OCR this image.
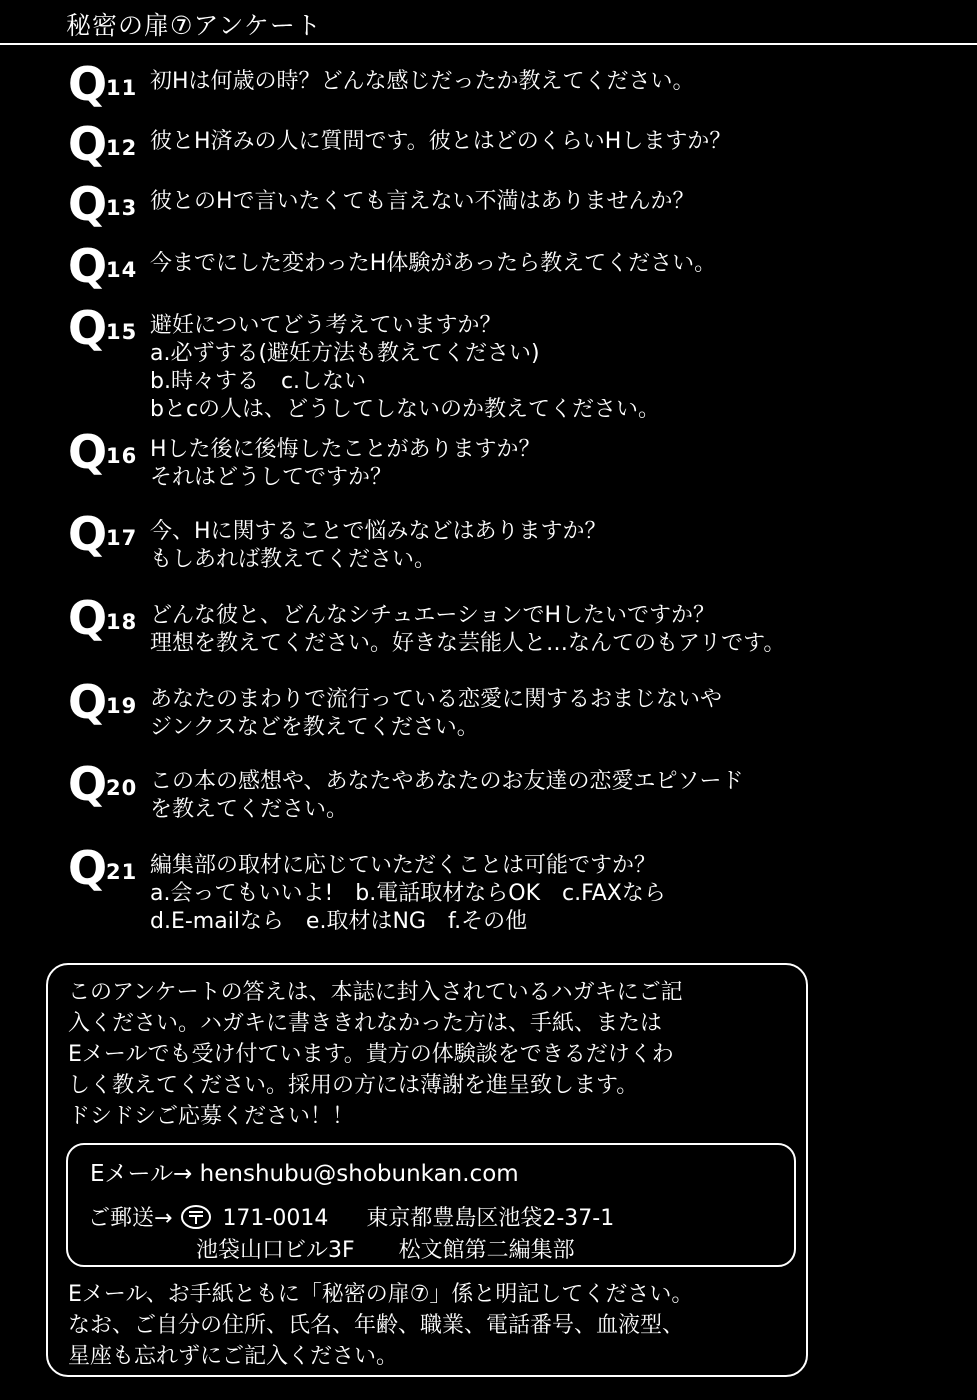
秘密の扉⑦アンケート
Q
11 初Hは何歳の時？どんな感じだったか教えてください。
Q
12 彼とH済みの人に質問です。彼とはどのくらいHしますか？
Q
13 彼とのHで言いたくても言えない不満はありませんか？
Q
14 今までにした変わったH体験があったら教えてください。
Q
15 避妊についてどう考えていますか？
a.必ずする(避妊方法も教えてください)
b.時々する　c.しない
bとcの人は、どうしてしないのか教えてください。
Q
16 Hした後に後悔したことがありますか？
それはどうしてですか？
Q
17 今、Hに関することで悩みなどはありますか？
もしあれば教えてください。
Q
18 どんな彼と、どんなシチュエーションでHしたいですか？
理想を教えてください。好きな芸能人と…なんてのもアリです。
Q
19 あなたのまわりで流行っている恋愛に関するおまじないや
ジンクスなどを教えてください。
Q
20 この本の感想や、あなたやあなたのお友達の恋愛エピソード
を教えてください。
Q
21 編集部の取材に応じていただくことは可能ですか？
a.会ってもいいよ!　b.電話取材ならOK　c.FAXなら
d.E-mailなら　e.取材はNG　f.その他
このアンケートの答えは、本誌に封入されているハガキにご記
入ください。ハガキに書ききれなかった方は、手紙、または
Eメールでも受け付ています。貴方の体験談をできるだけくわ
しく教えてください。採用の方には薄謝を進呈致します。
ドシドシご応募ください！！
Eメール→ henshubu@shobunkan.com
ご郵送→ 171-0014 東京都豊島区池袋2-37-1
池袋山口ビル3F　　松文館第二編集部
Eメール、お手紙ともに「秘密の扉⑦」係と明記してください。
なお、ご自分の住所、氏名、年齢、職業、電話番号、血液型、
星座も忘れずにご記入ください。
